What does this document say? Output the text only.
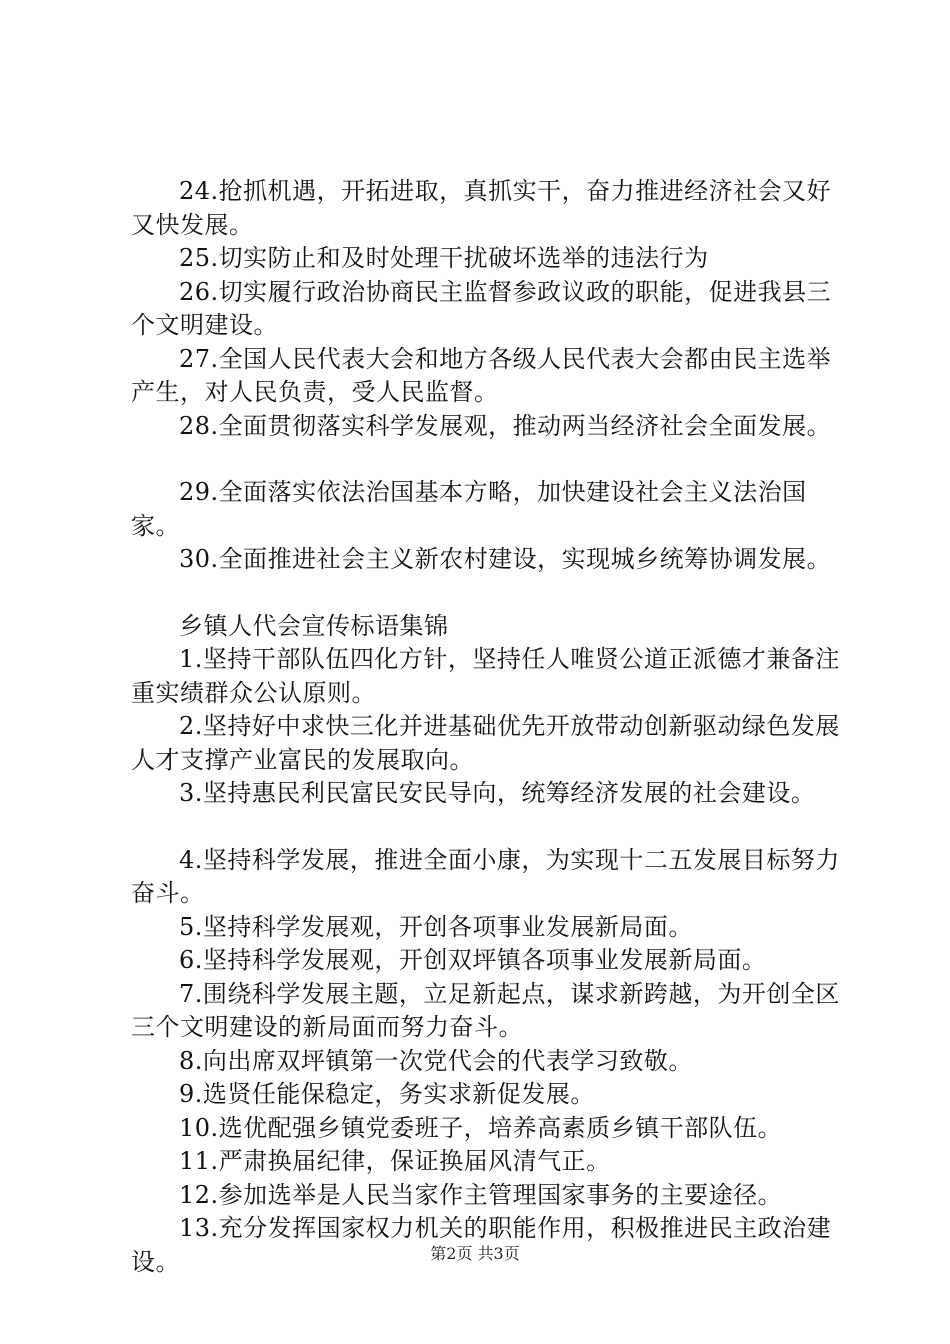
24.抢抓机遇，开拓进取，真抓实干，奋力推进经济社会又好又快发展。

25.切实防止和及时处理干扰破坏选举的违法行为

26.切实履行政治协商民主监督参政议政的职能，促进我县三个文明建设。

27.全国人民代表大会和地方各级人民代表大会都由民主选举产生，对人民负责，受人民监督。

28.全面贯彻落实科学发展观，推动两当经济社会全面发展。

29.全面落实依法治国基本方略，加快建设社会主义法治国家。

30.全面推进社会主义新农村建设，实现城乡统筹协调发展。

乡镇人代会宣传标语集锦

1.坚持干部队伍四化方针，坚持任人唯贤公道正派德才兼备注重实绩群众公认原则。

2.坚持好中求快三化并进基础优先开放带动创新驱动绿色发展人才支撑产业富民的发展取向。

3.坚持惠民利民富民安民导向，统筹经济发展的社会建设。

4.坚持科学发展，推进全面小康，为实现十二五发展目标努力奋斗。

5.坚持科学发展观，开创各项事业发展新局面。

6.坚持科学发展观，开创双坪镇各项事业发展新局面。

7.围绕科学发展主题，立足新起点，谋求新跨越，为开创全区三个文明建设的新局面而努力奋斗。

8.向出席双坪镇第一次党代会的代表学习致敬。

9.选贤任能保稳定，务实求新促发展。

10.选优配强乡镇党委班子，培养高素质乡镇干部队伍。

11.严肃换届纪律，保证换届风清气正。

12.参加选举是人民当家作主管理国家事务的主要途径。

13.充分发挥国家权力机关的职能作用，积极推进民主政治建设。	第2页 共3页
